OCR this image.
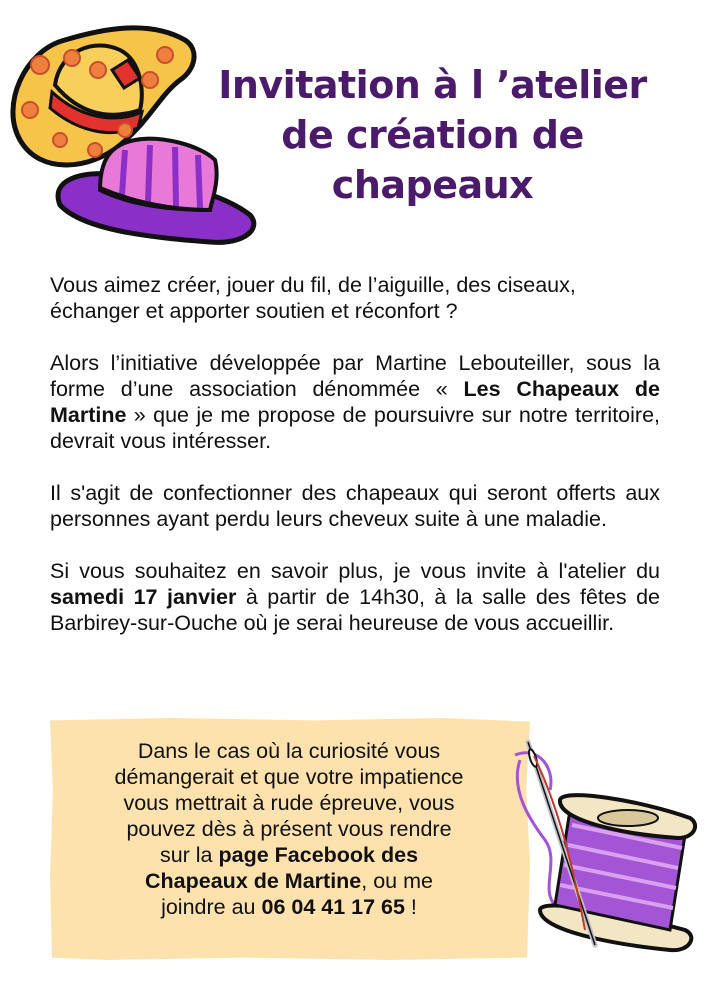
Invitation à l ’atelier
de création de
chapeaux

Vous aimez créer, jouer du fil, de l’aiguille, des ciseaux, échanger et apporter soutien et réconfort ?

Alors l’initiative développée par Martine Lebouteiller, sous la forme d’une association dénommée « Les Chapeaux de Martine » que je me propose de poursuivre sur notre territoire, devrait vous intéresser.

Il s'agit de confectionner des chapeaux qui seront offerts aux personnes ayant perdu leurs cheveux suite à une maladie.

Si vous souhaitez en savoir plus, je vous invite à l'atelier du samedi 17 janvier à partir de 14h30, à la salle des fêtes de Barbirey-sur-Ouche où je serai heureuse de vous accueillir.

Dans le cas où la curiosité vous
démangerait et que votre impatience
vous mettrait à rude épreuve, vous
pouvez dès à présent vous rendre
sur la page Facebook des
Chapeaux de Martine, ou me
joindre au 06 04 41 17 65 !
